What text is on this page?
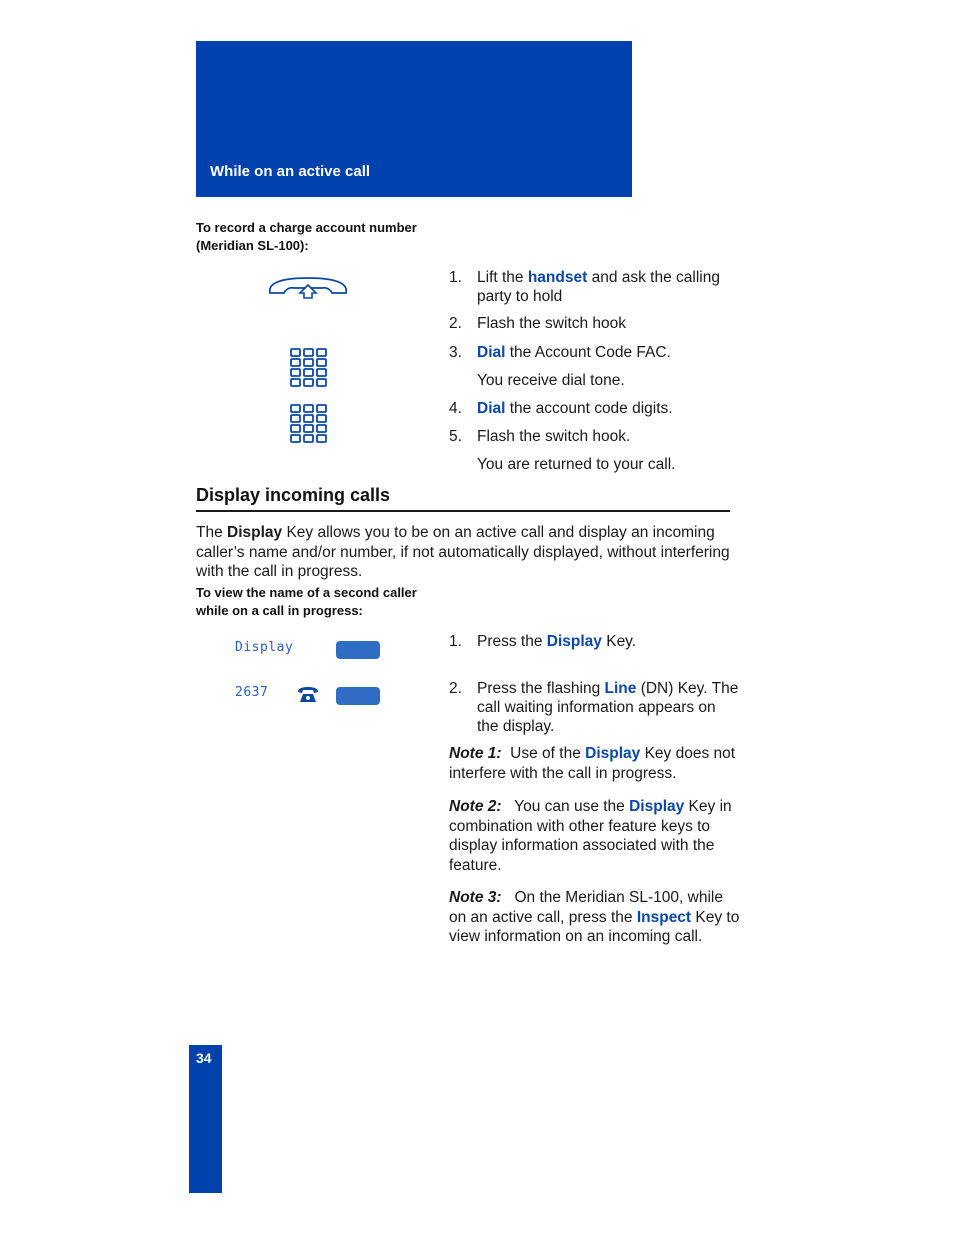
While on an active call
To record a charge account number
(Meridian SL-100):
1. Lift the handset and ask the calling
party to hold
2. Flash the switch hook
3. Dial the Account Code FAC.
You receive dial tone.
4. Dial the account code digits.
5. Flash the switch hook.
You are returned to your call.
Display incoming calls
The Display Key allows you to be on an active call and display an incoming
caller’s name and/or number, if not automatically displayed, without interfering
with the call in progress.
To view the name of a second caller
while on a call in progress:
Display
2637
1. Press the Display Key.
2. Press the flashing Line (DN) Key. The
call waiting information appears on
the display.
Note 1:  Use of the Display Key does not
interfere with the call in progress.
Note 2:   You can use the Display Key in
combination with other feature keys to
display information associated with the
feature.
Note 3:   On the Meridian SL-100, while
on an active call, press the Inspect Key to
view information on an incoming call.
34
